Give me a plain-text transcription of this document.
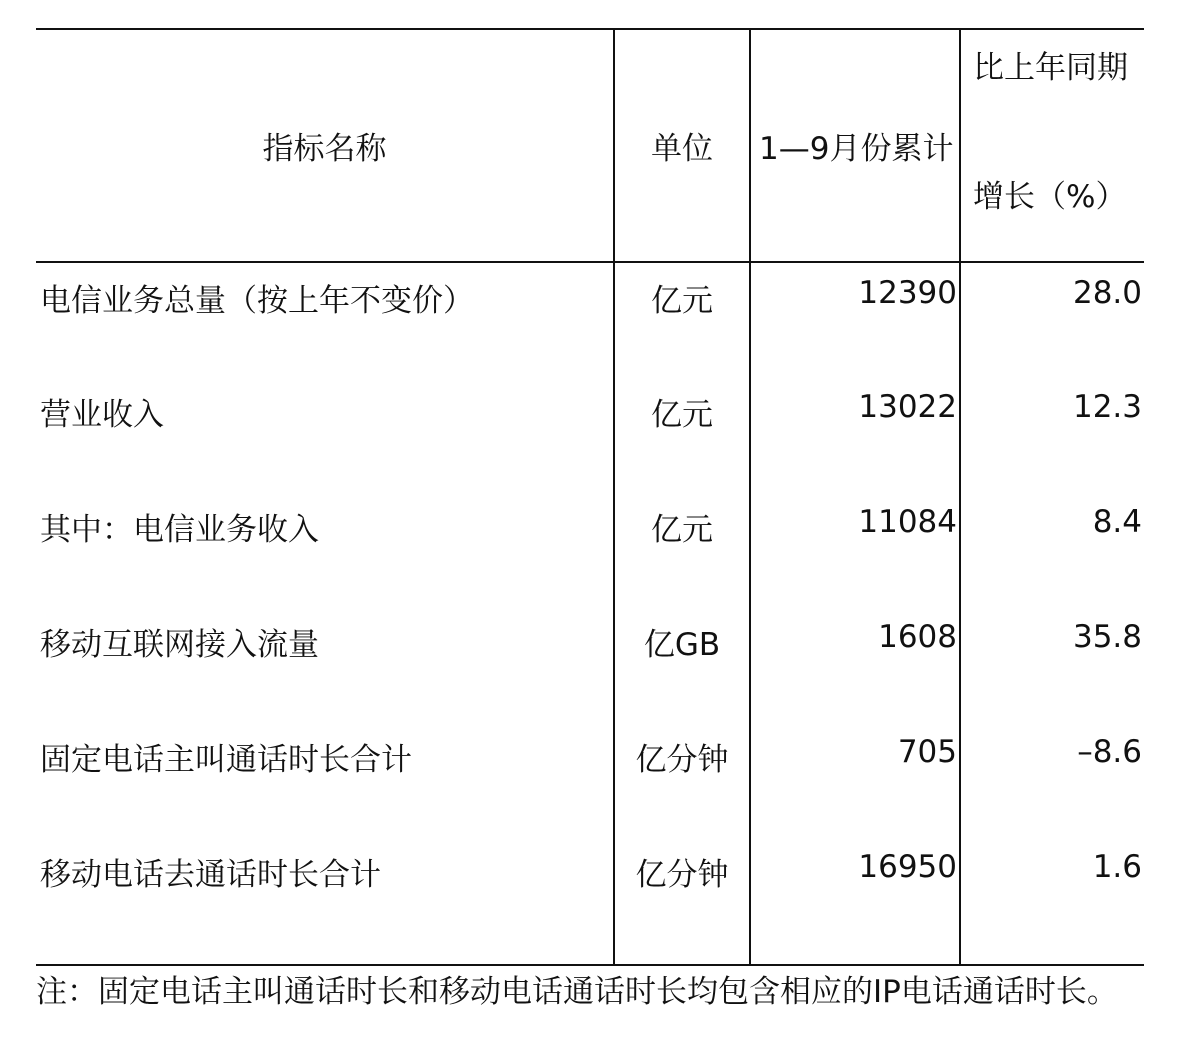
指标名称	单位	1—9月份累计	比上年同期
增长（%）

电信业务总量（按上年不变价）	亿元	12390	28.0
营业收入	亿元	13022	12.3
其中：电信业务收入	亿元	11084	8.4
移动互联网接入流量	亿GB	1608	35.8
固定电话主叫通话时长合计	亿分钟	705	–8.6
移动电话去通话时长合计	亿分钟	16950	1.6
注：固定电话主叫通话时长和移动电话通话时长均包含相应的IP电话通话时长。
